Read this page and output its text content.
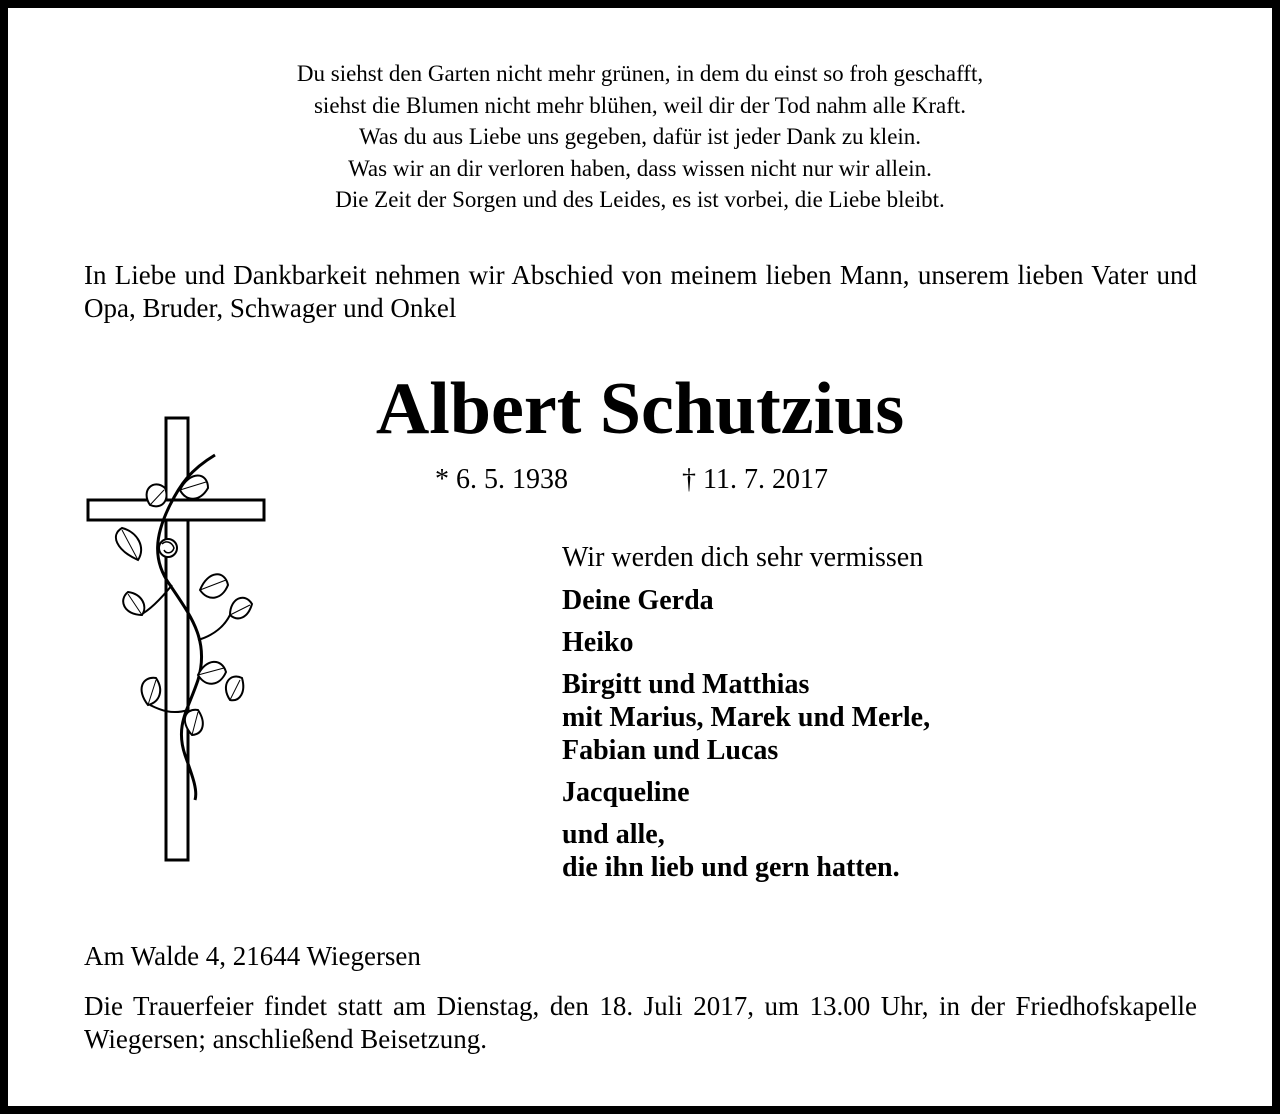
Du siehst den Garten nicht mehr grünen, in dem du einst so froh geschafft,
siehst die Blumen nicht mehr blühen, weil dir der Tod nahm alle Kraft.
Was du aus Liebe uns gegeben, dafür ist jeder Dank zu klein.
Was wir an dir verloren haben, dass wissen nicht nur wir allein.
Die Zeit der Sorgen und des Leides, es ist vorbei, die Liebe bleibt.
In Liebe und Dankbarkeit nehmen wir Abschied von meinem lieben Mann, unserem lieben Vater und Opa, Bruder, Schwager und Onkel
Albert Schutzius
* 6. 5. 1938	† 11. 7. 2017
Wir werden dich sehr vermissen
Deine Gerda
Heiko
Birgitt und Matthias
mit Marius, Marek und Merle,
Fabian und Lucas
Jacqueline
und alle,
die ihn lieb und gern hatten.
Am Walde 4, 21644 Wiegersen
Die Trauerfeier findet statt am Dienstag, den 18. Juli 2017, um 13.00 Uhr, in der Friedhofskapelle Wiegersen; anschließend Beisetzung.
